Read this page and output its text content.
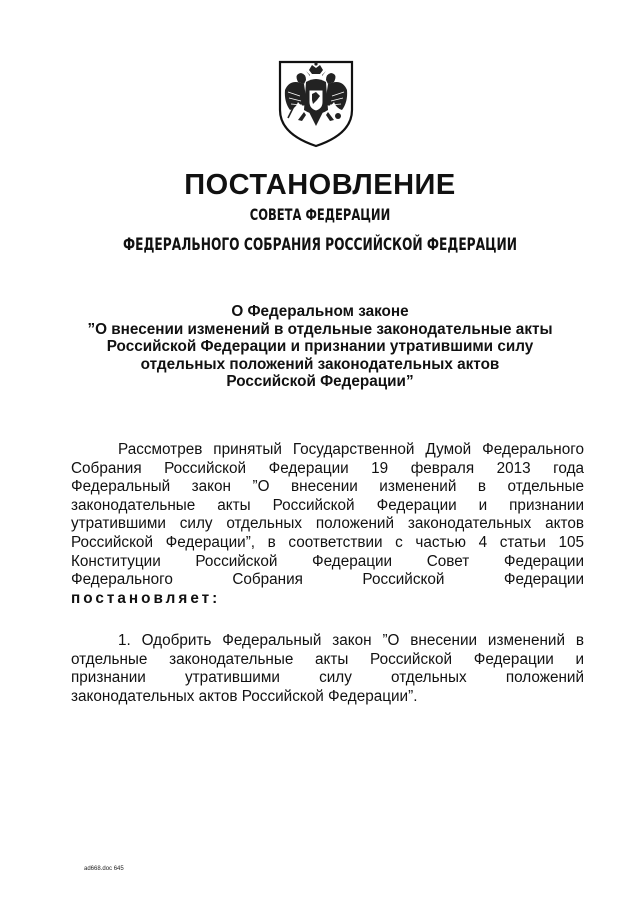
ПОСТАНОВЛЕНИЕ
СОВЕТА ФЕДЕРАЦИИ
ФЕДЕРАЛЬНОГО СОБРАНИЯ РОССИЙСКОЙ ФЕДЕРАЦИИ
О Федеральном законе
”О внесении изменений в отдельные законодательные акты
Российской Федерации и признании утратившими силу
отдельных положений законодательных актов
Российской Федерации”
Рассмотрев принятый Государственной Думой Федерального
Собрания Российской Федерации 19 февраля 2013 года
Федеральный закон ”О внесении изменений в отдельные
законодательные акты Российской Федерации и признании
утратившими силу отдельных положений законодательных актов
Российской Федерации”, в соответствии с частью 4 статьи 105
Конституции Российской Федерации Совет Федерации
Федерального Собрания Российской Федерации
постановляет:
1. Одобрить Федеральный закон ”О внесении изменений в
отдельные законодательные акты Российской Федерации и
признании утратившими силу отдельных положений
законодательных актов Российской Федерации”.
ad668.doc 645
